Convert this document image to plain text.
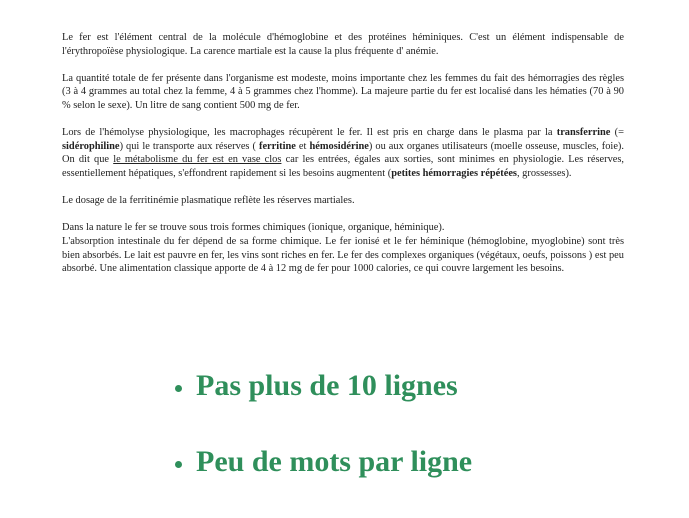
Le fer est l'élément central de la molécule d'hémoglobine et des protéines héminiques. C'est un élément indispensable de l'érythropoïèse physiologique. La carence martiale est la cause la plus fréquente d' anémie.

La quantité totale de fer présente dans l'organisme est modeste, moins importante chez les femmes du fait des hémorragies des règles (3 à 4 grammes au total chez la femme, 4 à 5 grammes chez l'homme). La majeure partie du fer est localisé dans les hématies (70 à 90 % selon le sexe). Un litre de sang contient 500 mg de fer.

Lors de l'hémolyse physiologique, les macrophages récupèrent le fer. Il est pris en charge dans le plasma par la transferrine (= sidérophiline) qui le transporte aux réserves ( ferritine et hémosidérine) ou aux organes utilisateurs (moelle osseuse, muscles, foie). On dit que le métabolisme du fer est en vase clos car les entrées, égales aux sorties, sont minimes en physiologie. Les réserves, essentiellement hépatiques, s'effondrent rapidement si les besoins augmentent (petites hémorragies répétées, grossesses).

Le dosage de la ferritinémie plasmatique reflète les réserves martiales.

Dans la nature le fer se trouve sous trois formes chimiques (ionique, organique, héminique).

L'absorption intestinale du fer dépend de sa forme chimique. Le fer ionisé et le fer héminique (hémoglobine, myoglobine) sont très bien absorbés. Le lait est pauvre en fer, les vins sont riches en fer. Le fer des complexes organiques (végétaux, oeufs, poissons ) est peu absorbé. Une alimentation classique apporte de 4 à 12 mg de fer pour 1000 calories, ce qui couvre largement les besoins.

Pas plus de 10 lignes
Peu de mots par ligne
